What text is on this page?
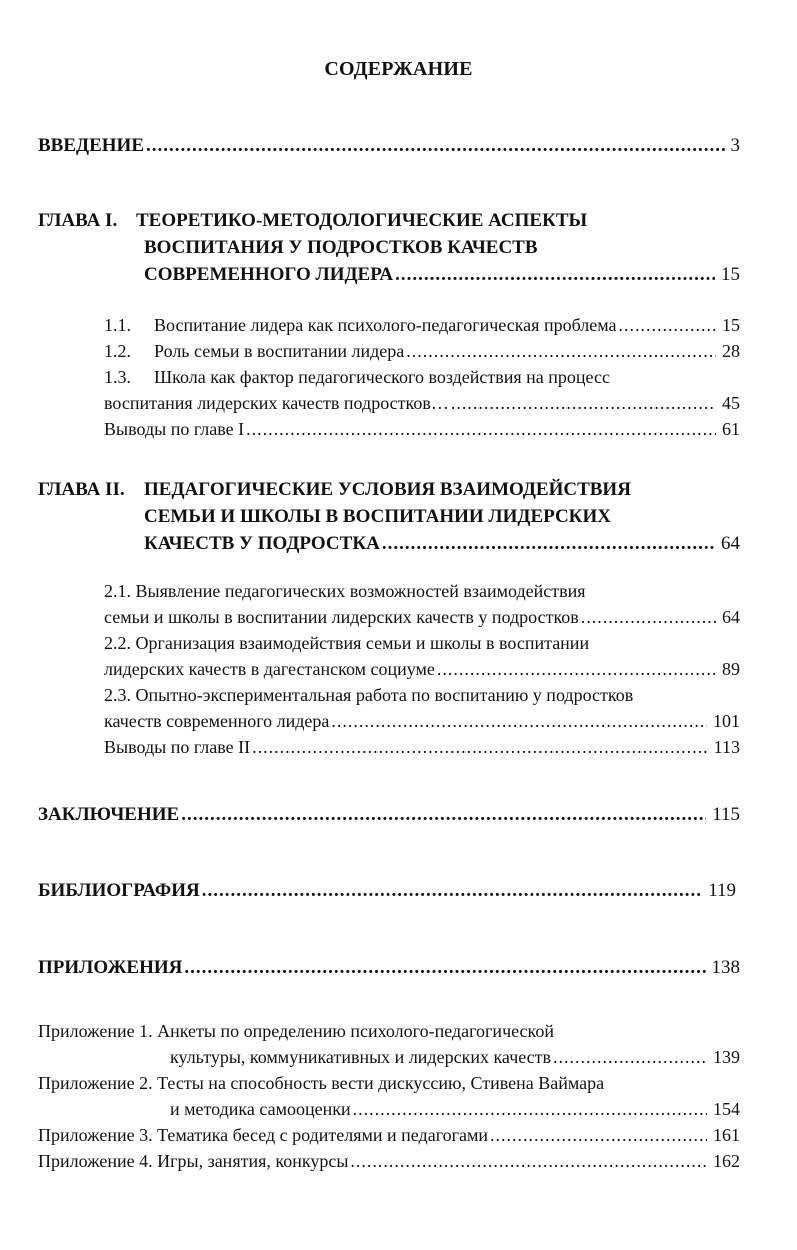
СОДЕРЖАНИЕ
ВВЕДЕНИЕ .....	3
ГЛАВА I. ТЕОРЕТИКО-МЕТОДОЛОГИЧЕСКИЕ АСПЕКТЫ
ВОСПИТАНИЯ У ПОДРОСТКОВ КАЧЕСТВ
СОВРЕМЕННОГО ЛИДЕРА .....	15
1.1.	Воспитание лидера как психолого-педагогическая проблема .....	15
1.2.	Роль семьи в воспитании лидера .....	28
1.3. Школа как фактор педагогического воздействия на процесс
воспитания лидерских качеств подростков… .....	45
Выводы по главе I .....	61
ГЛАВА II. ПЕДАГОГИЧЕСКИЕ УСЛОВИЯ ВЗАИМОДЕЙСТВИЯ
СЕМЬИ И ШКОЛЫ В ВОСПИТАНИИ ЛИДЕРСКИХ
КАЧЕСТВ У ПОДРОСТКА .....	64
2.1. Выявление педагогических возможностей взаимодействия
семьи и школы в воспитании лидерских качеств у подростков .....	64
2.2. Организация взаимодействия семьи и школы в воспитании
лидерских качеств в дагестанском социуме .....	89
2.3. Опытно-экспериментальная работа по воспитанию у подростков
качеств современного лидера .....	101
Выводы по главе II .....	113
ЗАКЛЮЧЕНИЕ .....	115
БИБЛИОГРАФИЯ .....	119
ПРИЛОЖЕНИЯ .....	138
Приложение 1. Анкеты по определению психолого-педагогической
культуры, коммуникативных и лидерских качеств .....	139
Приложение 2. Тесты на способность вести дискуссию, Стивена Ваймара
и методика самооценки .....	154
Приложение 3. Тематика бесед с родителями и педагогами .....	161
Приложение 4. Игры, занятия, конкурсы .....	162
